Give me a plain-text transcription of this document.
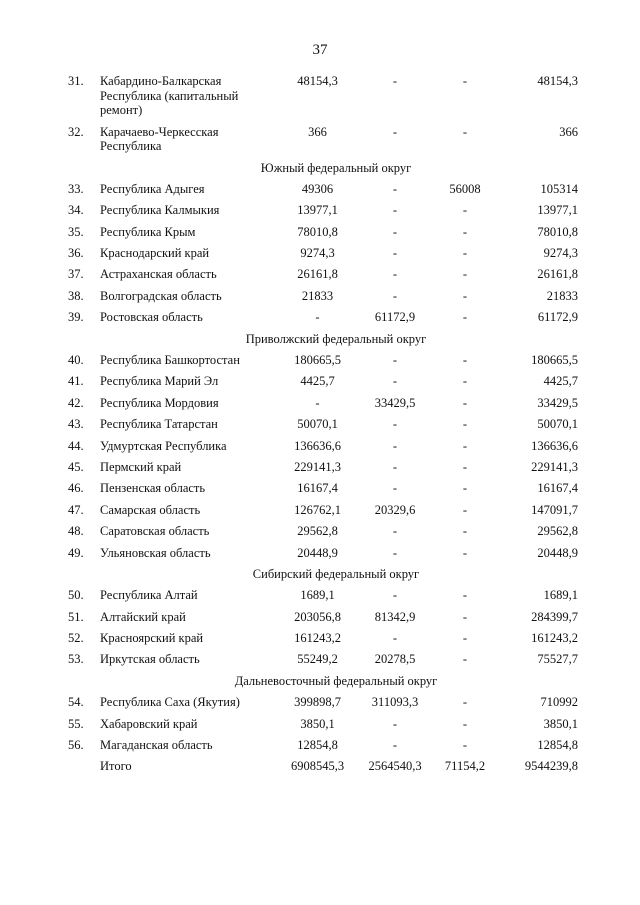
37
31.	Кабардино-Балкарская Республика (капитальный ремонт)	48154,3	-	-	48154,3
32.	Карачаево-Черкесская Республика	366	-	-	366
Южный федеральный округ					
33.	Республика Адыгея	49306	-	56008	105314
34.	Республика Калмыкия	13977,1	-	-	13977,1
35.	Республика Крым	78010,8	-	-	78010,8
36.	Краснодарский край	9274,3	-	-	9274,3
37.	Астраханская область	26161,8	-	-	26161,8
38.	Волгоградская область	21833	-	-	21833
39.	Ростовская область	-	61172,9	-	61172,9
Приволжский федеральный округ					
40.	Республика Башкортостан	180665,5	-	-	180665,5
41.	Республика Марий Эл	4425,7	-	-	4425,7
42.	Республика Мордовия	-	33429,5	-	33429,5
43.	Республика Татарстан	50070,1	-	-	50070,1
44.	Удмуртская Республика	136636,6	-	-	136636,6
45.	Пермский край	229141,3	-	-	229141,3
46.	Пензенская область	16167,4	-	-	16167,4
47.	Самарская область	126762,1	20329,6	-	147091,7
48.	Саратовская область	29562,8	-	-	29562,8
49.	Ульяновская область	20448,9	-	-	20448,9
Сибирский федеральный округ					
50.	Республика Алтай	1689,1	-	-	1689,1
51.	Алтайский край	203056,8	81342,9	-	284399,7
52.	Красноярский край	161243,2	-	-	161243,2
53.	Иркутская область	55249,2	20278,5	-	75527,7
Дальневосточный федеральный округ					
54.	Республика Саха (Якутия)	399898,7	311093,3	-	710992
55.	Хабаровский край	3850,1	-	-	3850,1
56.	Магаданская область	12854,8	-	-	12854,8
	Итого	6908545,3	2564540,3	71154,2	9544239,8
